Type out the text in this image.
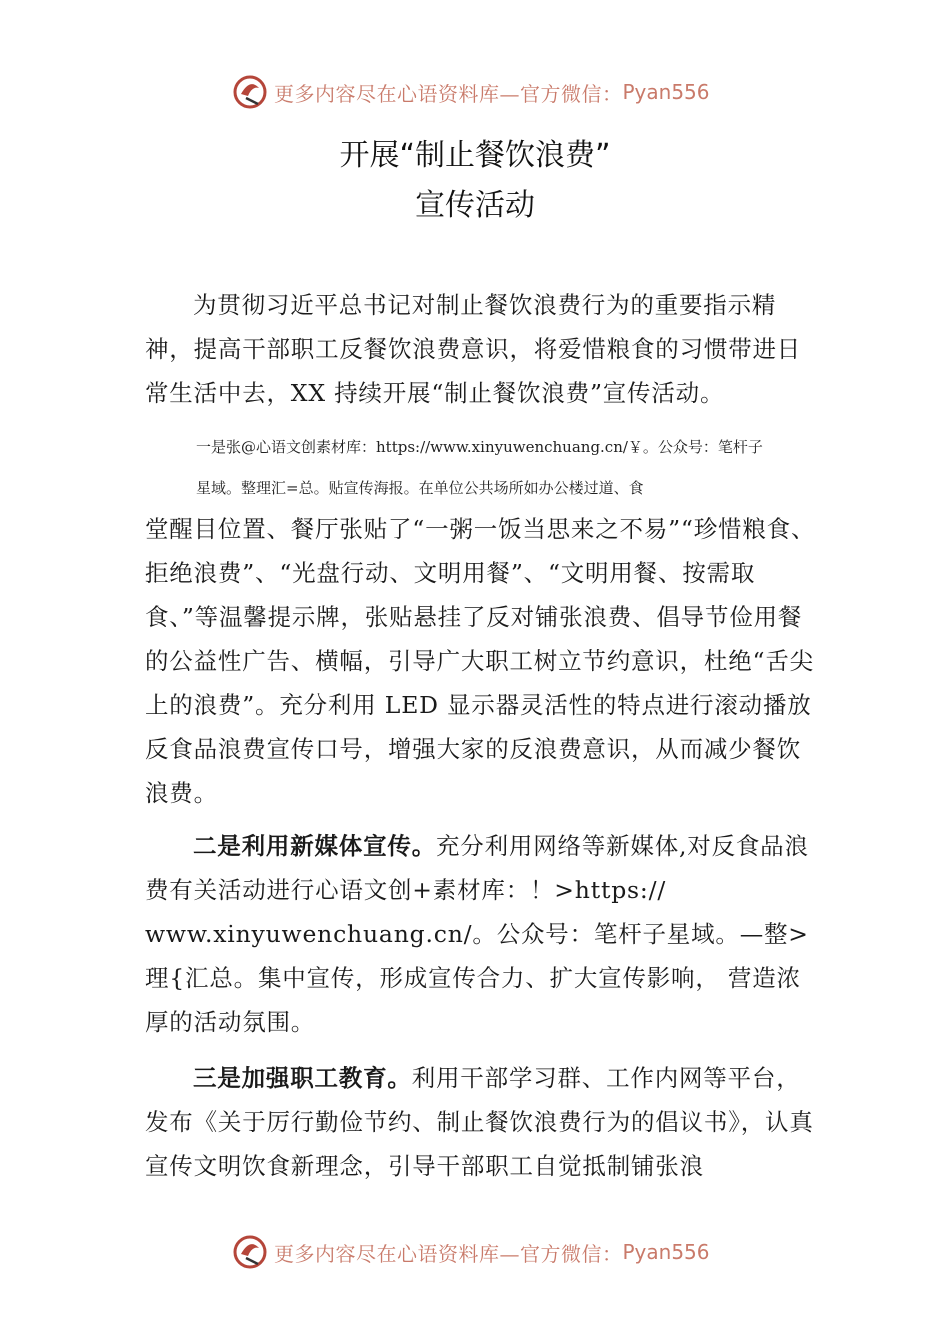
更多内容尽在心语资料库—官方微信： Pyan556
开展“制止餐饮浪费”
宣传活动

为贯彻习近平总书记对制止餐饮浪费行为的重要指示精神，提高干部职工反餐饮浪费意识，将爱惜粮食的习惯带进日常生活中去，XX 持续开展“制止餐饮浪费”宣传活动。

一是张@心语文创素材库：https://www.xinyuwenchuang.cn/￥。公众号：笔杆子

星域。整理汇=总。贴宣传海报。在单位公共场所如办公楼过道、食

堂醒目位置、餐厅张贴了“一粥一饭当思来之不易”“珍惜粮食、拒绝浪费”、“光盘行动、文明用餐”、“文明用餐、按需取食、”等温馨提示牌，张贴悬挂了反对铺张浪费、倡导节俭用餐的公益性广告、横幅，引导广大职工树立节约意识，杜绝“舌尖上的浪费”。充分利用 LED 显示器灵活性的特点进行滚动播放反食品浪费宣传口号，增强大家的反浪费意识，从而减少餐饮浪费。

二是利用新媒体宣传。充分利用网络等新媒体,对反食品浪费有关活动进行心语文创+素材库：！>https:// www.xinyuwenchuang.cn/。公众号：笔杆子星域。—整>理{汇总。集中宣传，形成宣传合力、扩大宣传影响， 营造浓厚的活动氛围。

三是加强职工教育。利用干部学习群、工作内网等平台，发布《关于厉行勤俭节约、制止餐饮浪费行为的倡议书》，认真宣传文明饮食新理念，引导干部职工自觉抵制铺张浪

更多内容尽在心语资料库—官方微信： Pyan556
